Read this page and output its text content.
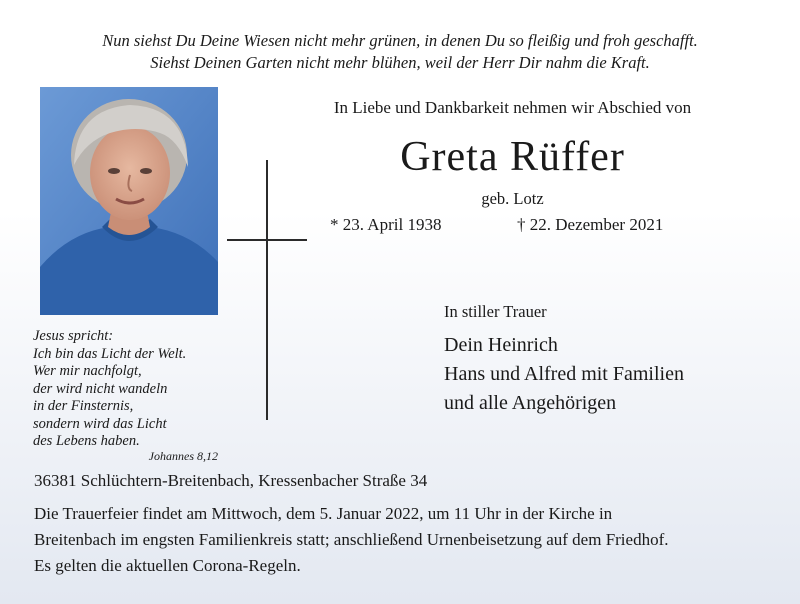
Nun siehst Du Deine Wiesen nicht mehr grünen, in denen Du so fleißig und froh geschafft.
Siehst Deinen Garten nicht mehr blühen, weil der Herr Dir nahm die Kraft.
In Liebe und Dankbarkeit nehmen wir Abschied von
Greta Rüffer
geb. Lotz
* 23. April 1938	† 22. Dezember 2021
In stiller Trauer
Dein Heinrich
Hans und Alfred mit Familien
und alle Angehörigen
Jesus spricht:
Ich bin das Licht der Welt.
Wer mir nachfolgt,
der wird nicht wandeln
in der Finsternis,
sondern wird das Licht
des Lebens haben.
Johannes 8,12
36381 Schlüchtern-Breitenbach, Kressenbacher Straße 34
Die Trauerfeier findet am Mittwoch, dem 5. Januar 2022, um 11 Uhr in der Kirche in
Breitenbach im engsten Familienkreis statt; anschließend Urnenbeisetzung auf dem Friedhof.
Es gelten die aktuellen Corona-Regeln.
